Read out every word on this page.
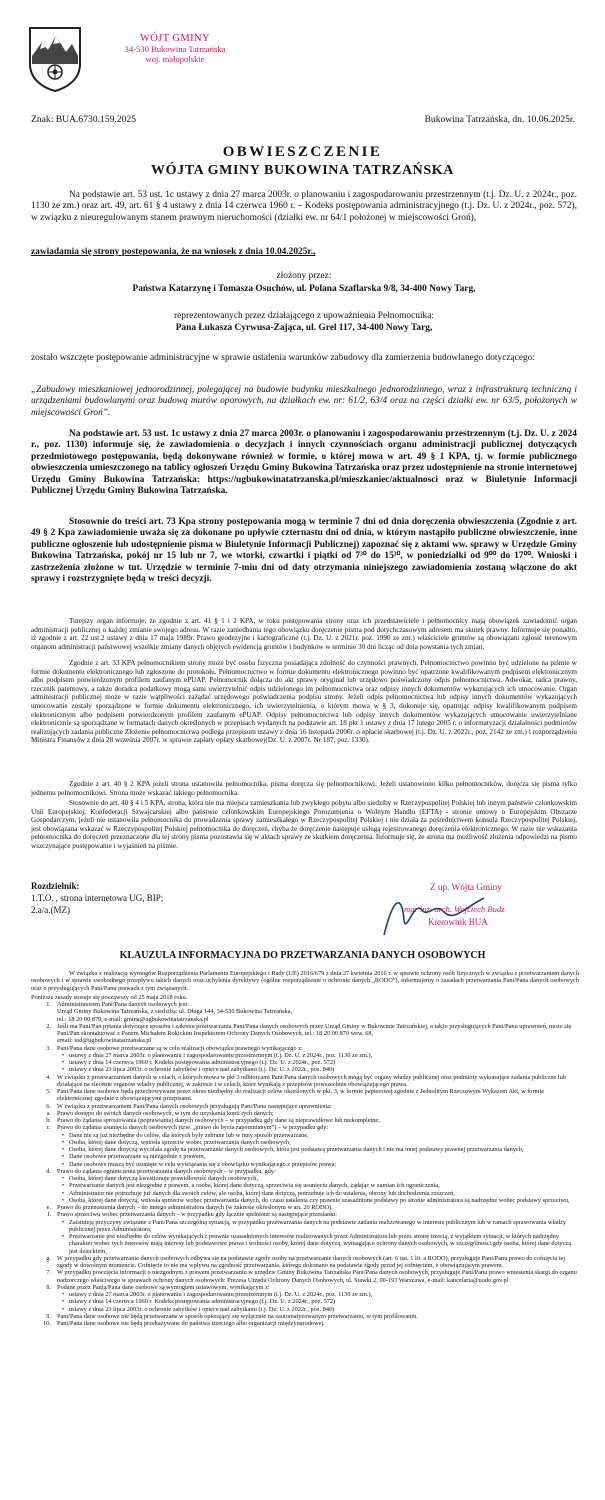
WÓJT GMINY
34-530 Bukowina Tatrzańska
woj. małopolskie
Znak: BUA.6730.159.2025	Bukowina Tatrzańska, dn. 10.06.2025r.
OBWIESZCZENIE
WÓJTA GMINY BUKOWINA TATRZAŃSKA
Na podstawie art. 53 ust. 1c ustawy z dnia 27 marca 2003r. o planowaniu i zagospodarowaniu przestrzennym (t.j. Dz. U. z 2024r., poz. 1130 ze zm.) oraz art. 49, art. 61 § 4 ustawy z dnia 14 czerwca 1960 r. – Kodeks postępowania administracyjnego (t.j. Dz. U. z 2024r., poz. 572), w związku z nieuregulowanym stanem prawnym nieruchomości (działki ew. nr 64/1 położonej w miejscowości Groń),
zawiadamia się strony postępowania, że na wniosek z dnia 10.04.2025r.,
złożony przez:
Państwa Katarzynę i Tomasza Osuchów, ul. Polana Szaflarska 9/8, 34-400 Nowy Targ,
reprezentowanych przez działającego z upoważnienia Pełnomocnika:
Pana Łukasza Cyrwusa-Zająca, ul. Grel 117, 34-400 Nowy Targ,
zostało wszczęte postępowanie administracyjne w sprawie ustalenia warunków zabudowy dla zamierzenia budowlanego dotyczącego:
„Zabudowy mieszkaniowej jednorodzinnej, polegającej na budowie budynku mieszkalnego jednorodzinnego, wraz z infrastrukturą techniczną i urządzeniami budowlanymi oraz budową murów oporowych, na działkach ew. nr: 61/2, 63/4 oraz na części działki ew. nr 63/5, położonych w miejscowości Groń”.
Na podstawie art. 53 ust. 1c ustawy z dnia 27 marca 2003r. o planowaniu i zagospodarowaniu przestrzennym (t.j. Dz. U. z 2024 r., poz. 1130) informuje się, że zawiadomienia o decyzjach i innych czynnościach organu administracji publicznej dotyczących przedmiotowego postępowania, będą dokonywane również w formie, o której mowa w art. 49 § 1 KPA, tj. w formie publicznego obwieszczenia umieszczonego na tablicy ogłoszeń Urzędu Gminy Bukowina Tatrzańska oraz przez udostępnienie na stronie internetowej Urzędu Gminy Bukowina Tatrzańska: https://ugbukowinatatrzanska.pl/mieszkaniec/aktualnosci oraz w Biuletynie Informacji Publicznej Urzędu Gminy Bukowina Tatrzańska.
Stosownie do treści art. 73 Kpa strony postępowania mogą w terminie 7 dni od dnia doręczenia obwieszczenia (Zgodnie z art. 49 § 2 Kpa zawiadomienie uważa się za dokonane po upływie czternastu dni od dnia, w którym nastąpiło publiczne obwieszczenie, inne publiczne ogłoszenie lub udostępnienie pisma w Biuletynie Informacji Publicznej) zapoznać się z aktami ww. sprawy w Urzędzie Gminy Bukowina Tatrzańska, pokój nr 15 lub nr 7, we wtorki, czwartki i piątki od 7³⁰ do 15³⁰, w poniedziałki od 9⁰⁰ do 17⁰⁰. Wnioski i zastrzeżenia złożone w tut. Urzędzie w terminie 7-miu dni od daty otrzymania niniejszego zawiadomienia zostaną włączone do akt sprawy i rozstrzygnięte będą w treści decyzji.
Tutejszy organ informuje, że zgodnie z art. 41 § 1 i 2 KPA, w toku postępowania strony oraz ich przedstawiciele i pełnomocnicy mają obowiązek zawiadomić organ administracji publicznej o każdej zmianie swojego adresu. W razie zaniedbania tego obowiązku doręczenie pisma pod dotychczasowym adresem ma skutek prawny. Informuje się ponadto, iż zgodnie z art. 22 ust.2 ustawy z dnia 17 maja 1989r. Prawo geodezyjne i kartograficzne (t.j. Dz. U. z 2021r. poz. 1990 ze zm.) właściciele gruntów są obowiązani zgłosić terenowym organom administracji państwowej wszelkie zmiany danych objętych ewidencją gruntów i budynków w terminie 30 dni licząc od dnia powstania tych zmian.
Zgodnie z art. 33 KPA pełnomocnikiem strony może być osoba fizyczna posiadająca zdolność do czynności prawnych. Pełnomocnictwo powinno być udzielone na piśmie w formie dokumentu elektronicznego lub zgłoszone do protokołu. Pełnomocnictwo w formie dokumentu elektronicznego powinno być opatrzone kwalifikowanym podpisem elektronicznym albo podpisem potwierdzonym profilem zaufanym ePUAP. Pełnomocnik dołącza do akt sprawy oryginał lub urzędowo poświadczony odpis pełnomocnictwa. Adwokat, radca prawny, rzecznik patentowy, a także doradca podatkowy mogą sami uwierzytelnić odpis udzielonego im pełnomocnictwa oraz odpisy innych dokumentów wykazujących ich umocowanie. Organ administracji publicznej może w razie wątpliwości zażądać urzędowego poświadczenia podpisu strony. Jeżeli odpis pełnomocnictwa lub odpisy innych dokumentów wykazujących umocowanie zostały sporządzone w formie dokumentu elektronicznego, ich uwierzytelnienia, o którym mowa w § 3, dokonuje się, opatrując odpisy kwalifikowanym podpisem elektronicznym albo podpisem potwierdzonym profilem zaufanym ePUAP. Odpisy pełnomocnictwa lub odpisy innych dokumentów wykazujących umocowanie uwierzytelniane elektronicznie są sporządzane w formatach danych określonych w przepisach wydanych na podstawie art. 18 pkt 1 ustawy z dnia 17 lutego 2005 r. o informatyzacji działalności podmiotów realizujących zadania publiczne Złożenie pełnomocnictwa podlega przepisom ustawy z dnia 16 listopada 2006r. o opłacie skarbowej (t.j. Dz. U. z 2022r., poz. 2142 ze zm.) i rozporządzeniu Ministra Finansów z dnia 28 września 2007r. w sprawie zapłaty opłaty skarbowej(Dz. U. z 2007r. Nr 187, poz. 1330).
Zgodnie z art. 40 § 2 KPA jeżeli strona ustanowiła pełnomocnika, pisma doręcza się pełnomocnikowi. Jeżeli ustanowiono kilku pełnomocników, doręcza się pisma tylko jednemu pełnomocnikowi. Strona może wskazać takiego pełnomocnika.
Stosownie do art. 40 § 4 i 5 KPA, strona, która nie ma miejsca zamieszkania lub zwykłego pobytu albo siedziby w Rzeczypospolitej Polskiej lub innym państwie członkowskim Unii Europejskiej, Konfederacji Szwajcarskiej albo państwie członkowskim Europejskiego Porozumienia o Wolnym Handlu (EFTA) - stronie umowy o Europejskim Obszarze Gospodarczym, jeżeli nie ustanowiła pełnomocnika do prowadzenia sprawy zamieszkałego w Rzeczypospolitej Polskiej i nie działa za pośrednictwem konsula Rzeczypospolitej Polskiej, jest obowiązana wskazać w Rzeczypospolitej Polskiej pełnomocnika do doręczeń, chyba że doręczenie następuje usługą rejestrowanego doręczenia elektronicznego. W razie nie wskazania pełnomocnika do doręczeń przeznaczone dla tej strony pisma pozostawia się w aktach sprawy ze skutkiem doręczenia. Informuje się, że strona ma możliwość złożenia odpowiedzi na pismo wszczynające postępowanie i wyjaśnień na piśmie.
Rozdzielnik:
1.T.O. , strona internetowa UG, BIP;
2.a/a.(MZ)
Z up. Wójta Gminy
mgr inż. arch. Wojciech Budz
Kierownik BUA
KLAUZULA INFORMACYJNA DO PRZETWARZANIA DANYCH OSOBOWYCH
W związku z realizacją wymogów Rozporządzenia Parlamentu Europejskiego i Rady (UE) 2016/679 z dnia 27 kwietnia 2016 r. w sprawie ochrony osób fizycznych w związku z przetwarzaniem danych osobowych i w sprawie swobodnego przepływu takich danych oraz uchylenia dyrektywy (ogólne rozporządzenie o ochronie danych „RODO”), informujemy o zasadach przetwarzania Pani/Pana danych osobowych oraz o przysługujących Pani/Panu prawach z tym związanych.
Poniższe zasady stosuje się począwszy od 25 maja 2018 roku.
1. Administratorem Pani/Pana danych osobowych jest:
Urząd Gminy Bukowina Tatrzańska, z siedzibą: ul. Długa 144, 34-530 Bukowina Tatrzańska,
tel.: 18 20 00 870, e-mail: gmina@ugbukowinatatrzanska.pl
2. Jeśli ma Pani/Pan pytania dotyczące sposobu i zakresu przetwarzania Pani/Pana danych osobowych przez Urząd Gminy w Bukowinie Tatrzańskiej, a także przysługujących Pani/Panu uprawnień, może się Pani/Pan skontaktować z Panem Michałem Rokickim Inspektorem Ochrony Danych Osobowych, tel.: 18 20 00 870 wew. 68,
email: iod@ugbukowinatatrzanska.pl
3. Pani/Pana dane osobowe przetwarzane są w celu realizacji obowiązku prawnego wynikającego z:
• ustawy z dnia 27 marca 2003r. o planowaniu i zagospodarowaniu przestrzennym (t.j. Dz. U. z 2024r., poz. 1130 ze zm.),
• ustawy z dnia 14 czerwca 1960 r. Kodeks postępowania administracyjnego (t.j. Dz. U. z 2024r., poz. 572)
• ustawy z dnia 23 lipca 2003r. o ochronie zabytków i opiece nad zabytkami (t.j. Dz. U. z 2022r., poz. 840)
4. W związku z przetwarzaniem danych w celach, o których mowa w pkt 3 odbiorcami Pani/Pana danych osobowych mogą być organy władzy publicznej oraz podmioty wykonujące zadania publiczne lub działające na zlecenie organów władzy publicznej, w zakresie i w celach, które wynikają z przepisów powszechnie obowiązującego prawa.
5. Pani/Pana dane osobowe będą przechowywane przez okres niezbędny do realizacji celów określonych w pkt. 3, w formie papierowej zgodnie z Jednolitym Rzeczowym Wykazem Akt, w formie elektronicznej zgodnie z obowiązującymi przepisami.
6. W związku z przetwarzaniem Pani/Pana danych osobowych przysługują Pani/Panu następujące uprawnienia:
a. Prawo dostępu do swoich danych osobowych, w tym do uzyskania kopii tych danych;
b. Prawo do żądania sprostowania (poprawiania) danych osobowych – w przypadku gdy dane są nieprawidłowe lub niekompletne;
c. Prawo do żądania usunięcia danych osobowych (tzw. „prawo do bycia zapomnianym”) – w przypadku gdy:
• Dane nie są już niezbędne do celów, dla których były zebrane lub w inny sposób przetwarzane,
• Osoba, której dane dotyczą, wniosła sprzeciw wobec przetwarzania danych osobowych,
• Osoba, której dane dotyczą wycofała zgodę na przetwarzanie danych osobowych, która jest podstawą przetwarzania danych i nie ma innej podstawy prawnej przetwarzania danych,
• Dane osobowe przetwarzane są niezgodnie z prawem,
• Dane osobowe muszą być usunięte w celu wywiązania się z obowiązku wynikającego z przepisów prawa;
d. Prawo do żądania ograniczenia przetwarzania danych osobowych – w przypadku, gdy:
• Osoba, której dane dotyczą kwestionuje prawidłowość danych osobowych,
• Przetwarzanie danych jest niezgodne z prawem, a osoba, której dane dotyczą, sprzeciwia się usunięciu danych, żądając w zamian ich ograniczenia,
• Administrator nie potrzebuje już danych dla swoich celów, ale osoba, której dane dotyczą, potrzebuje ich do ustalenia, obrony lub dochodzenia roszczeń,
• Osoba, której dane dotyczą, wniosła sprzeciw wobec przetwarzania danych, do czasu ustalenia czy prawnie uzasadnione podstawy po stronie administratora są nadrzędne wobec podstawy sprzeciwu,
e. Prawo do przenoszenia danych – do innego administratora danych (w zakresie określonym w art. 20 RODO).
f. Prawo sprzeciwu wobec przetwarzania danych – w przypadku gdy łącznie spełnione są następujące przesłanki:
• Zaistnieją przyczyny związane z Pani/Pana szczególną sytuacją, w przypadku przetwarzania danych na podstawie zadania realizowanego w interesie publicznym lub w ramach sprawowania władzy publicznej przez Administratora,
• Przetwarzanie jest niezbędne do celów wynikających z prawnie uzasadnionych interesów realizowanych przez Administratora lub przez stronę trzecią, z wyjątkiem sytuacji, w których nadrzędny charakter wobec tych interesów mają interesy lub podstawowe prawa i wolności osoby, której dane dotyczą, wymagające ochrony danych osobowych, w szczególności gdy osoba, której dane dotyczą jest dzieckiem,
g. W przypadku gdy przetwarzanie danych osobowych odbywa się na podstawie zgody osoby na przetwarzanie danych osobowych (art. 6 ust. 1 lit. a RODO), przysługuje Pani/Panu prawo do cofnięcia tej zgody w dowolnym momencie. Cofnięcie to nie ma wpływu na zgodność przetwarzania, którego dokonano na podstawie zgody przed jej cofnięciem, z obowiązującym prawem.
7. W przypadku powzięcia informacji o niezgodnym z prawem przetwarzaniu w urzędzie Gminy Bukowina Tatrzańska Pani/Pana danych osobowych, przysługuje Pani/Panu prawo wniesienia skargi do organu nadzorczego właściwego w sprawach ochrony danych osobowych: Prezesa Urzędu Ochrony Danych Osobowych, ul. Stawki 2, 00-193 Warszawa, e-mail: kancelaria@uodo.gov.pl
8. Podane przez Panią/Pana dane osobowe są wymogiem ustawowym, wynikającym z:
• ustawy z dnia 27 marca 2003r. o planowaniu i zagospodarowaniu przestrzennym (t.j. Dz. U. z 2024r., poz. 1130 ze zm.),
• ustawy z dnia 14 czerwca 1960 r. Kodeks postępowania administracyjnego (t.j. Dz. U. z 2024r., poz. 572)
• ustawy z dnia 23 lipca 2003r. o ochronie zabytków i opiece nad zabytkami (t.j. Dz. U. z 2022r., poz. 840)
9. Pani/Pana dane osobowe nie będą przetwarzane w sposób opierający się wyłącznie na zautomatyzowanym przetwarzaniu, w tym profilowaniu.
10. Pani/Pana dane osobowe nie będą przekazywane do państwa trzeciego albo organizacji międzynarodowej.
